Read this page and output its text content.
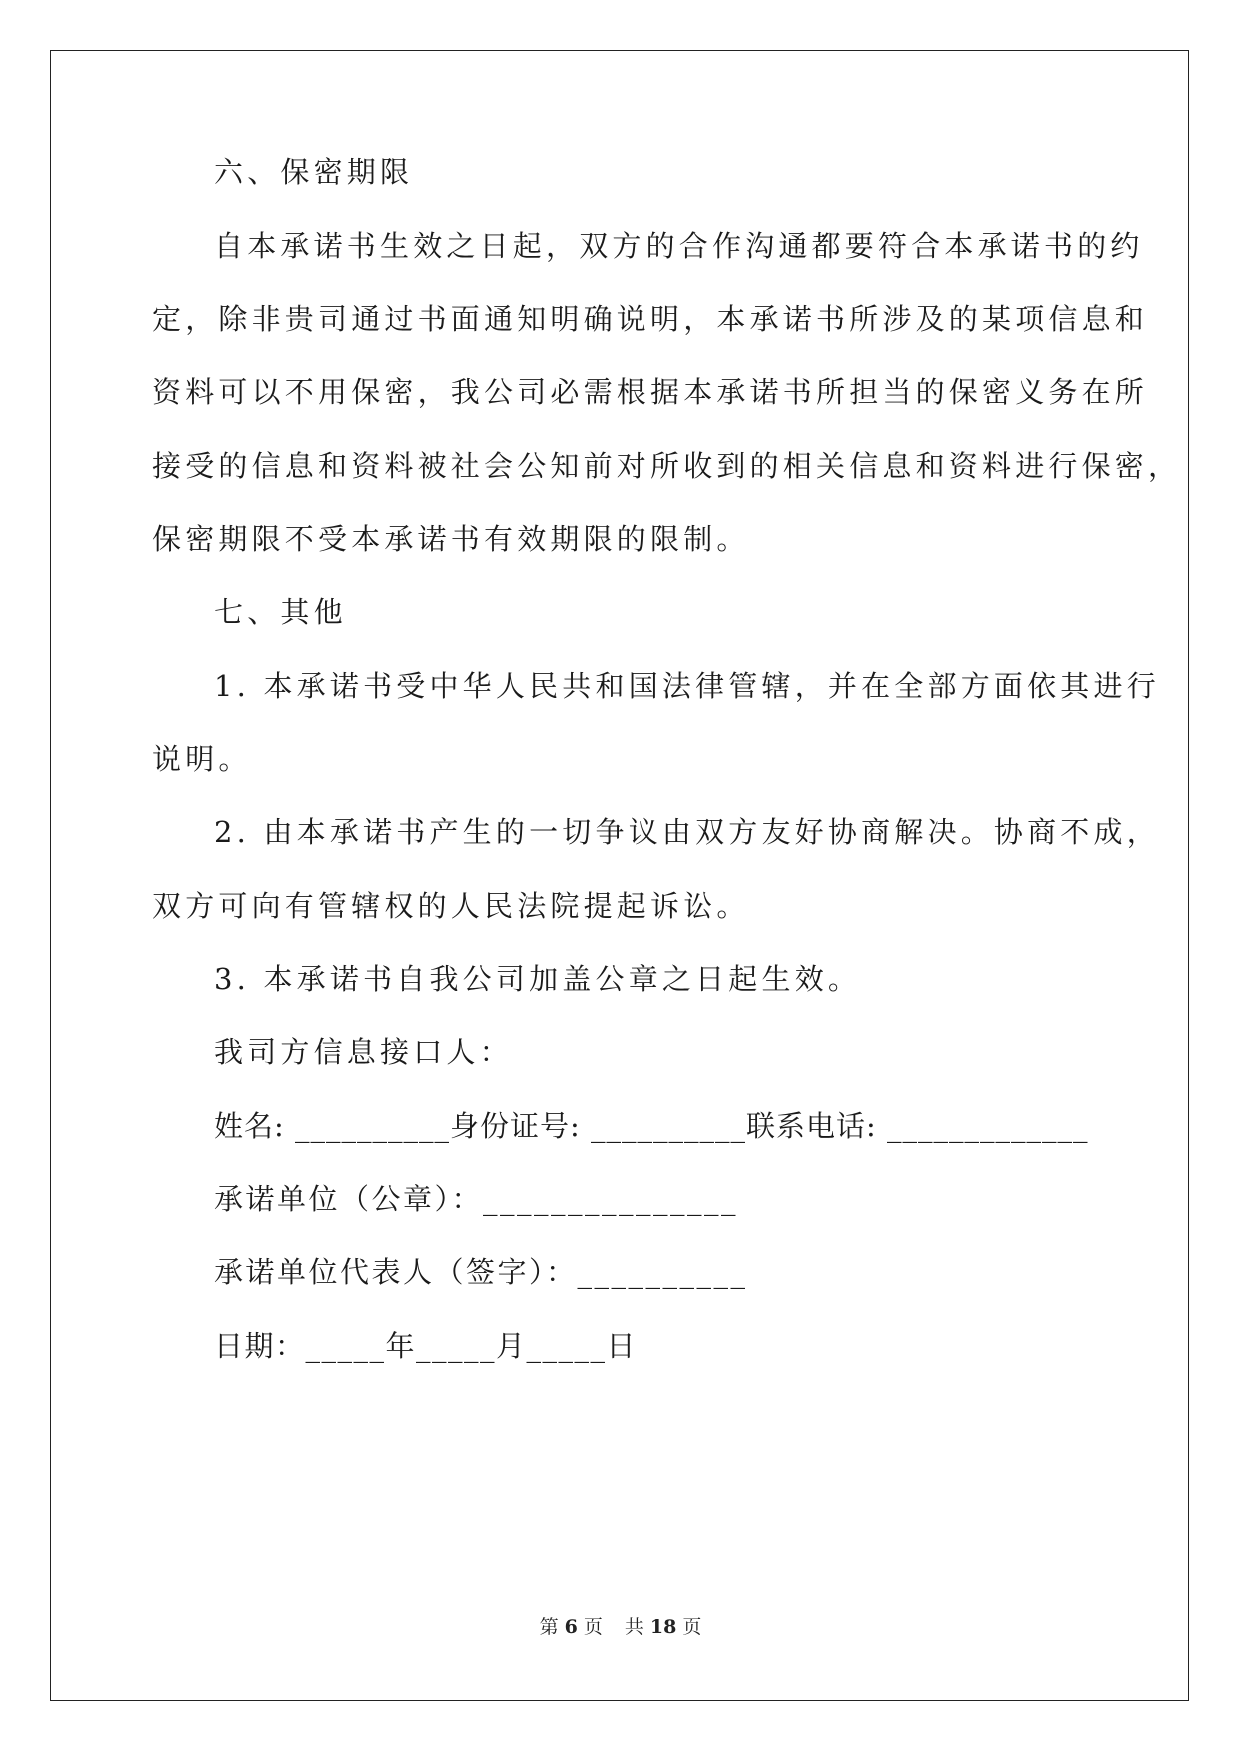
六、保密期限
自本承诺书生效之日起，双方的合作沟通都要符合本承诺书的约
定，除非贵司通过书面通知明确说明，本承诺书所涉及的某项信息和
资料可以不用保密，我公司必需根据本承诺书所担当的保密义务在所
接受的信息和资料被社会公知前对所收到的相关信息和资料进行保密，
保密期限不受本承诺书有效期限的限制。
七、其他
1. 本承诺书受中华人民共和国法律管辖，并在全部方面依其进行
说明。
2. 由本承诺书产生的一切争议由双方友好协商解决。协商不成，
双方可向有管辖权的人民法院提起诉讼。
3. 本承诺书自我公司加盖公章之日起生效。
我司方信息接口人：
姓名: __________身份证号: __________联系电话: _____________
承诺单位（公章）：_______________
承诺单位代表人（签字）：__________
日期：_____年_____月_____日
第 6 页 共 18 页
